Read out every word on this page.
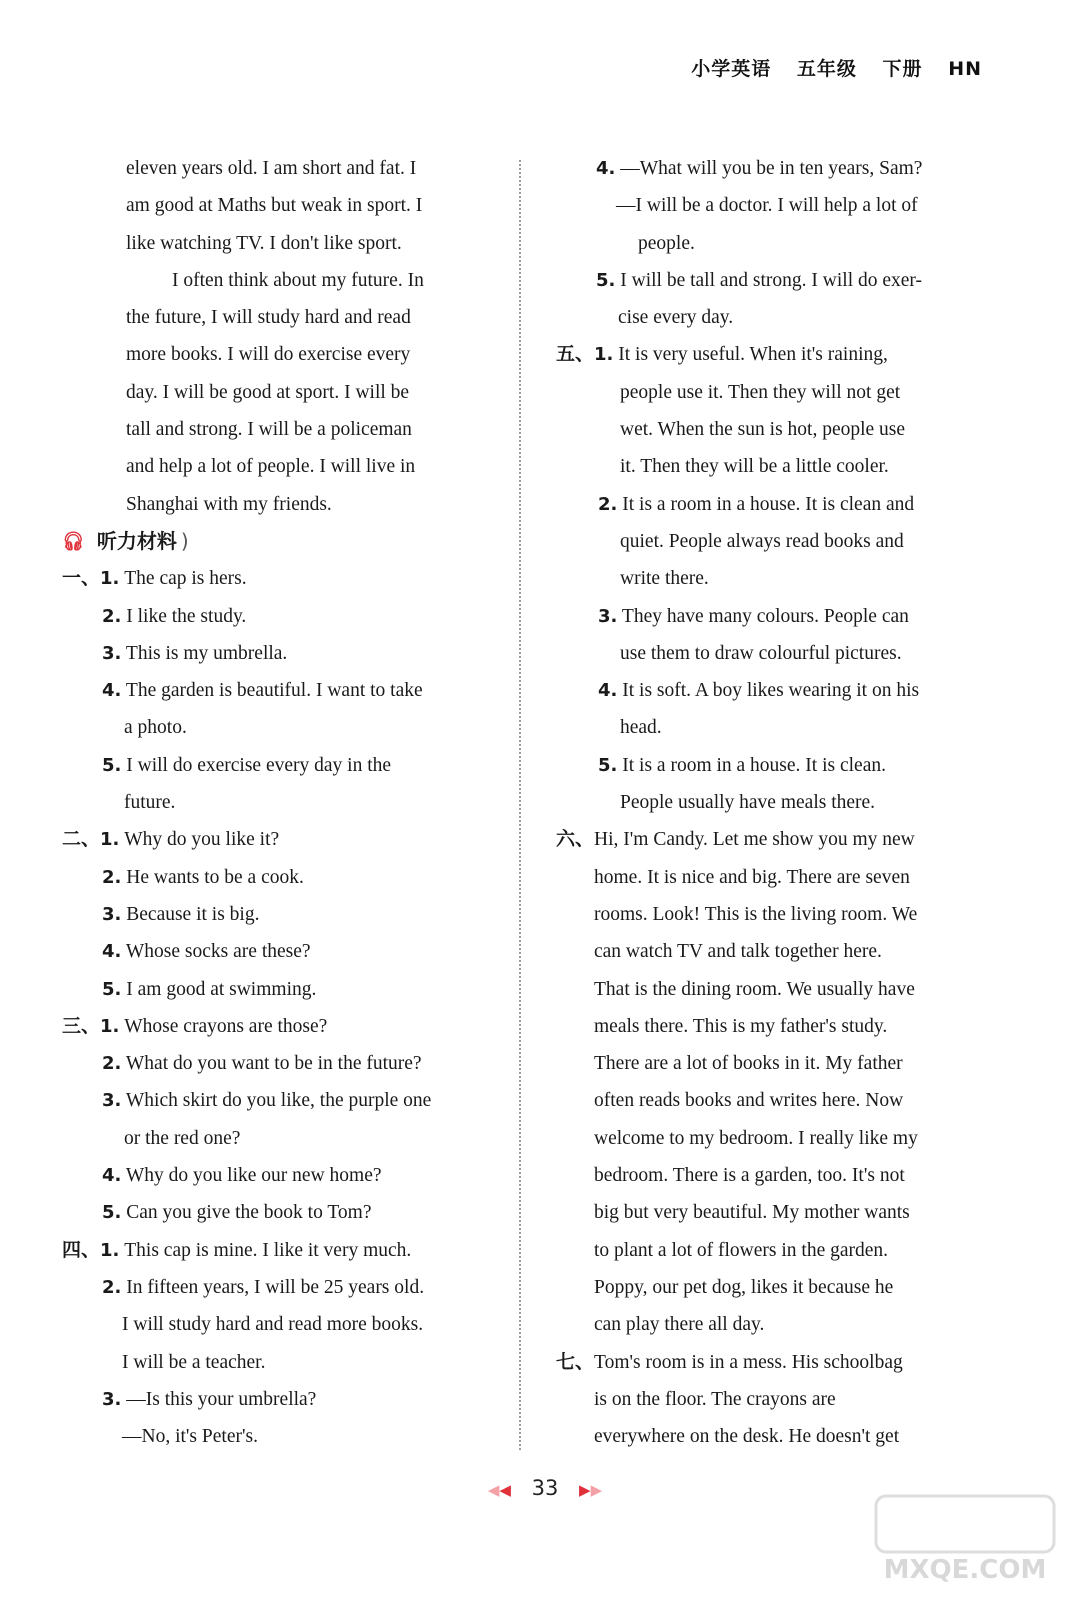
小学英语 五年级 下册 HN
eleven years old. I am short and fat. I
am good at Maths but weak in sport. I
like watching TV. I don't like sport.
I often think about my future. In
the future, I will study hard and read
more books. I will do exercise every
day. I will be good at sport. I will be
tall and strong. I will be a policeman
and help a lot of people. I will live in
Shanghai with my friends.
🎧︎ 听力材料 )
一、1. The cap is hers.
2. I like the study.
3. This is my umbrella.
4. The garden is beautiful. I want to take
a photo.
5. I will do exercise every day in the
future.
二、1. Why do you like it?
2. He wants to be a cook.
3. Because it is big.
4. Whose socks are these?
5. I am good at swimming.
三、1. Whose crayons are those?
2. What do you want to be in the future?
3. Which skirt do you like, the purple one
or the red one?
4. Why do you like our new home?
5. Can you give the book to Tom?
四、1. This cap is mine. I like it very much.
2. In fifteen years, I will be 25 years old.
I will study hard and read more books.
I will be a teacher.
3. —Is this your umbrella?
—No, it's Peter's.
4. —What will you be in ten years, Sam?
—I will be a doctor. I will help a lot of
people.
5. I will be tall and strong. I will do exer-
cise every day.
五、1. It is very useful. When it's raining,
people use it. Then they will not get
wet. When the sun is hot, people use
it. Then they will be a little cooler.
2. It is a room in a house. It is clean and
quiet. People always read books and
write there.
3. They have many colours. People can
use them to draw colourful pictures.
4. It is soft. A boy likes wearing it on his
head.
5. It is a room in a house. It is clean.
People usually have meals there.
六、Hi, I'm Candy. Let me show you my new
home. It is nice and big. There are seven
rooms. Look! This is the living room. We
can watch TV and talk together here.
That is the dining room. We usually have
meals there. This is my father's study.
There are a lot of books in it. My father
often reads books and writes here. Now
welcome to my bedroom. I really like my
bedroom. There is a garden, too. It's not
big but very beautiful. My mother wants
to plant a lot of flowers in the garden.
Poppy, our pet dog, likes it because he
can play there all day.
七、Tom's room is in a mess. His schoolbag
is on the floor. The crayons are
everywhere on the desk. He doesn't get
◀◀ 33 ▶▶
MXQE.COM
